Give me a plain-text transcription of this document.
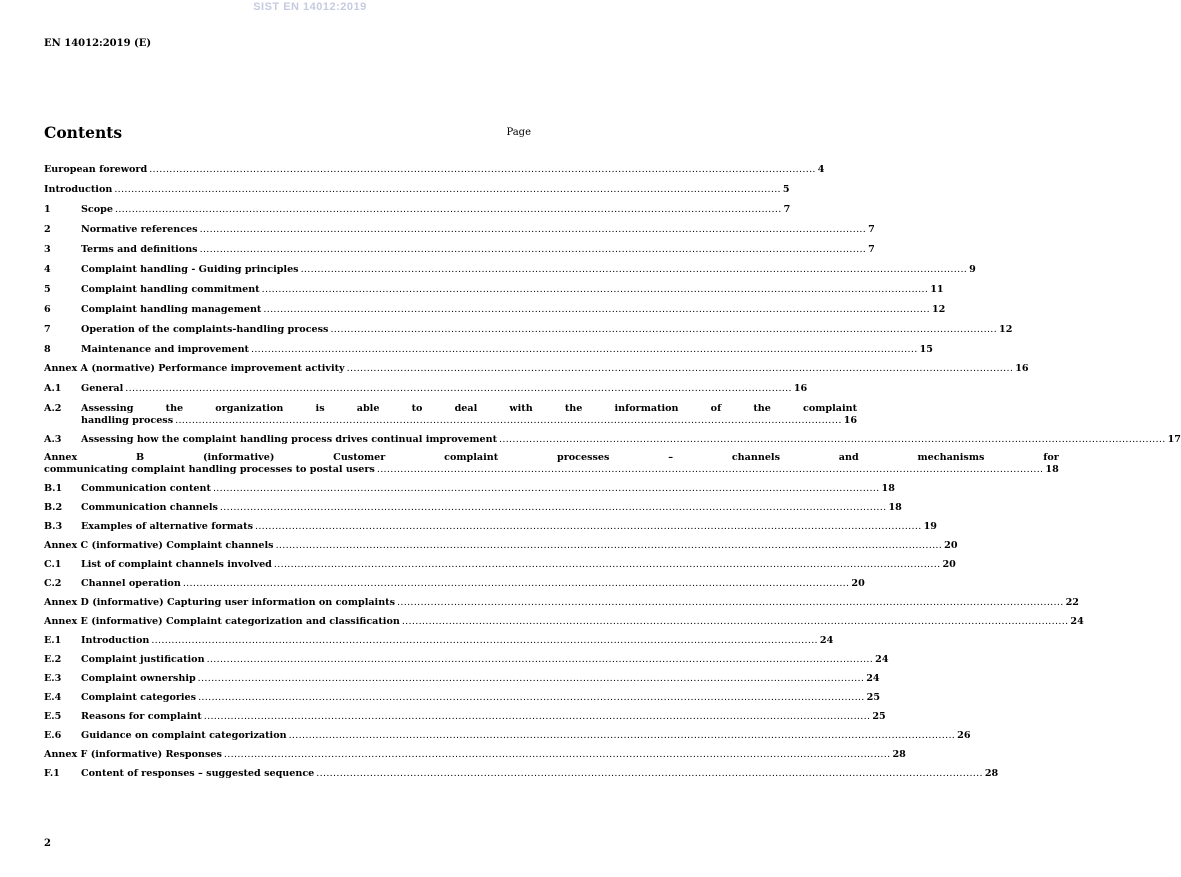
SIST EN 14012:2019
EN 14012:2019 (E)
Contents	Page
European foreword .....	4
Introduction .....	5
1	Scope .....	7
2	Normative references .....	7
3	Terms and definitions .....	7
4	Complaint handling - Guiding principles .....	9
5	Complaint handling commitment .....	11
6	Complaint handling management .....	12
7	Operation of the complaints-handling process .....	12
8	Maintenance and improvement .....	15
Annex A (normative) Performance improvement activity .....	16
A.1	General .....	16
A.2	Assessing the organization is able to deal with the information of the complaint
handling process .....	16
A.3	Assessing how the complaint handling process drives continual improvement .....	17
Annex B (informative) Customer complaint processes – channels and mechanisms for
communicating complaint handling processes to postal users .....	18
B.1	Communication content .....	18
B.2	Communication channels .....	18
B.3	Examples of alternative formats .....	19
Annex C (informative) Complaint channels .....	20
C.1	List of complaint channels involved .....	20
C.2	Channel operation .....	20
Annex D (informative) Capturing user information on complaints .....	22
Annex E (informative) Complaint categorization and classification .....	24
E.1	Introduction .....	24
E.2	Complaint justification .....	24
E.3	Complaint ownership .....	24
E.4	Complaint categories .....	25
E.5	Reasons for complaint .....	25
E.6	Guidance on complaint categorization .....	26
Annex F (informative) Responses .....	28
F.1	Content of responses – suggested sequence .....	28
2
